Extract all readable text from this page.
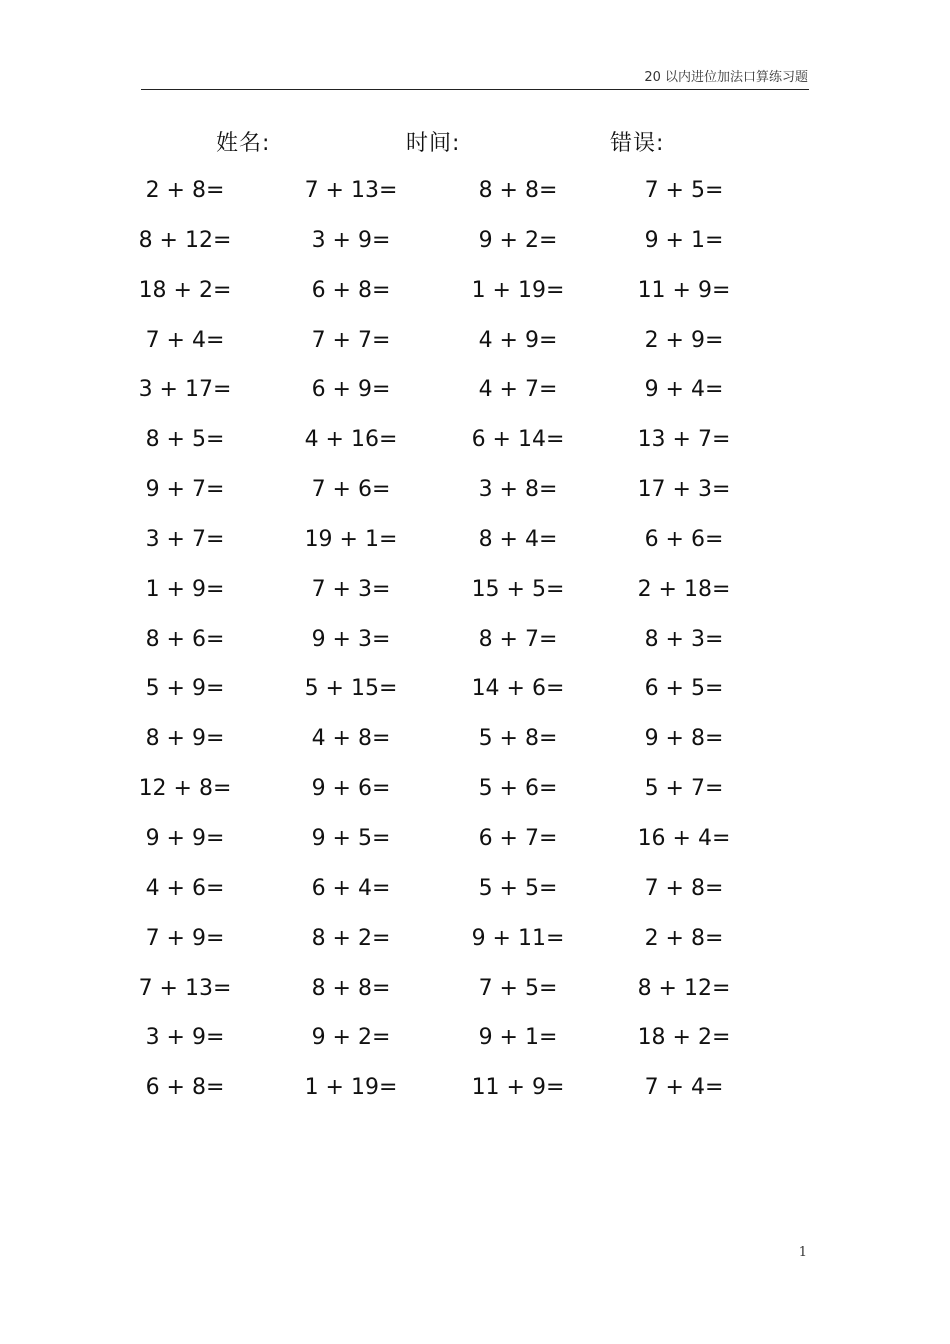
20 以内进位加法口算练习题
姓名:	时间:	错误:
2 + 8=	7 + 13=	8 + 8=	7 + 5=
8 + 12=	3 + 9=	9 + 2=	9 + 1=
18 + 2=	6 + 8=	1 + 19=	11 + 9=
7 + 4=	7 + 7=	4 + 9=	2 + 9=
3 + 17=	6 + 9=	4 + 7=	9 + 4=
8 + 5=	4 + 16=	6 + 14=	13 + 7=
9 + 7=	7 + 6=	3 + 8=	17 + 3=
3 + 7=	19 + 1=	8 + 4=	6 + 6=
1 + 9=	7 + 3=	15 + 5=	2 + 18=
8 + 6=	9 + 3=	8 + 7=	8 + 3=
5 + 9=	5 + 15=	14 + 6=	6 + 5=
8 + 9=	4 + 8=	5 + 8=	9 + 8=
12 + 8=	9 + 6=	5 + 6=	5 + 7=
9 + 9=	9 + 5=	6 + 7=	16 + 4=
4 + 6=	6 + 4=	5 + 5=	7 + 8=
7 + 9=	8 + 2=	9 + 11=	2 + 8=
7 + 13=	8 + 8=	7 + 5=	8 + 12=
3 + 9=	9 + 2=	9 + 1=	18 + 2=
6 + 8=	1 + 19=	11 + 9=	7 + 4=
1
